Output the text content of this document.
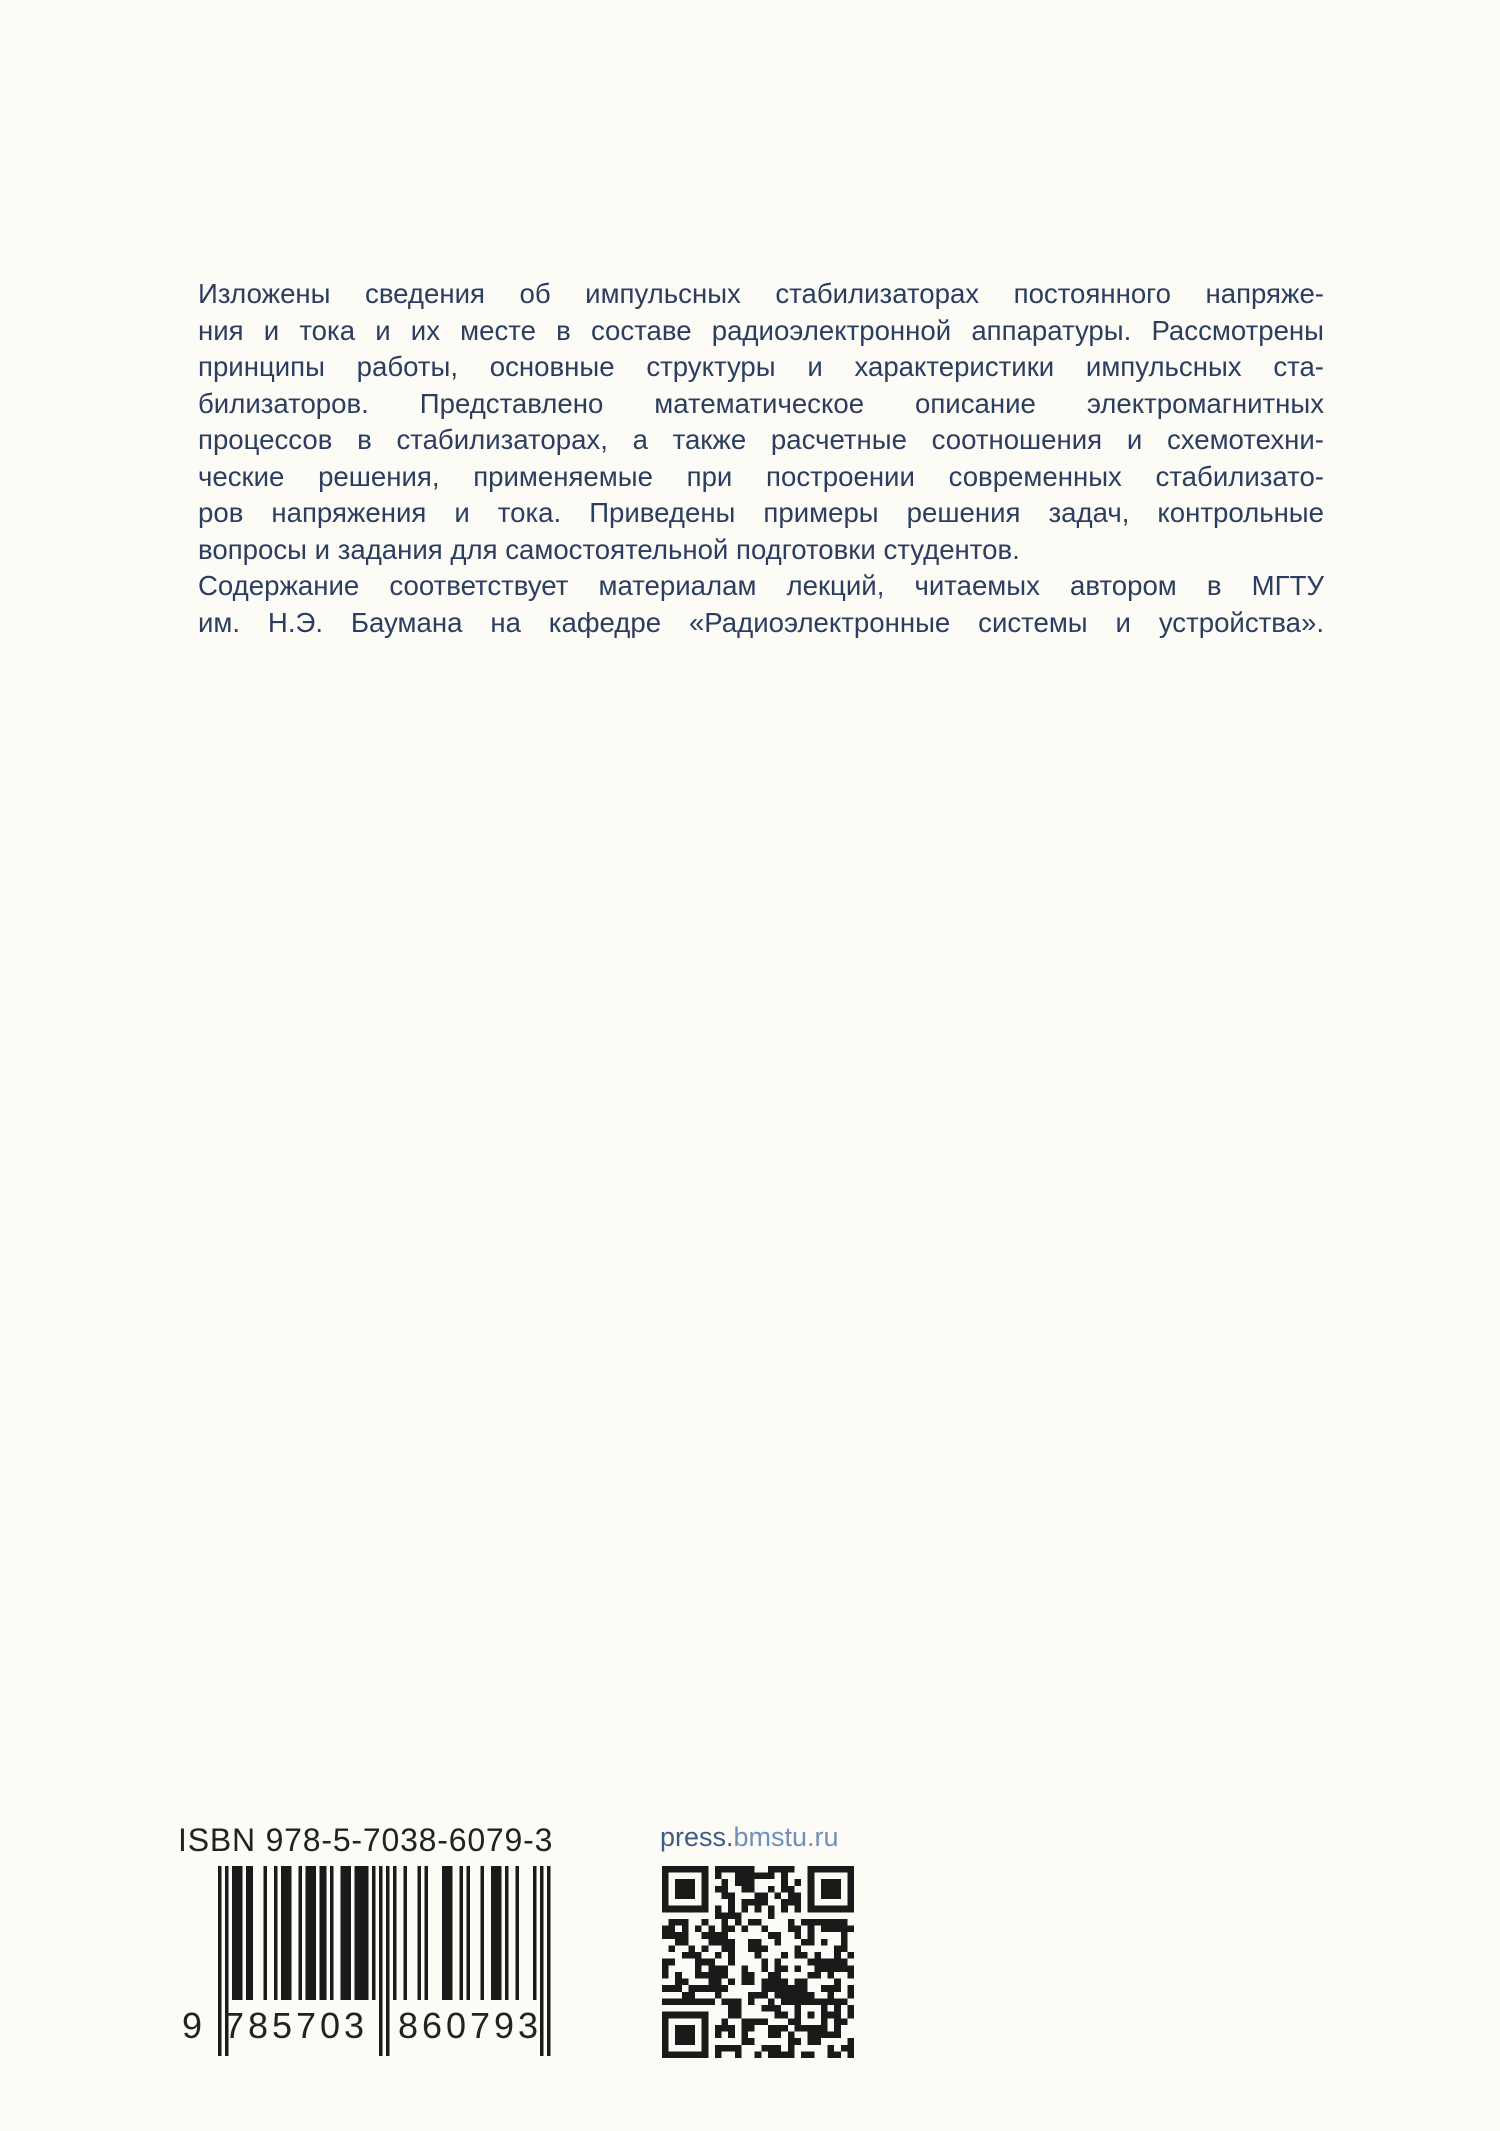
Изложены сведения об импульсных стабилизаторах постоянного напряже-
ния и тока и их месте в составе радиоэлектронной аппаратуры. Рассмотрены
принципы работы, основные структуры и характеристики импульсных ста-
билизаторов. Представлено математическое описание электромагнитных
процессов в стабилизаторах, а также расчетные соотношения и схемотехни-
ческие решения, применяемые при построении современных стабилизато-
ров напряжения и тока. Приведены примеры решения задач, контрольные
вопросы и задания для самостоятельной подготовки студентов.

Содержание соответствует материалам лекций, читаемых автором в МГТУ
им. Н.Э. Баумана на кафедре «Радиоэлектронные системы и устройства».

ISBN 978-5-7038-6079-3
9 785703 860793
press.bmstu.ru
